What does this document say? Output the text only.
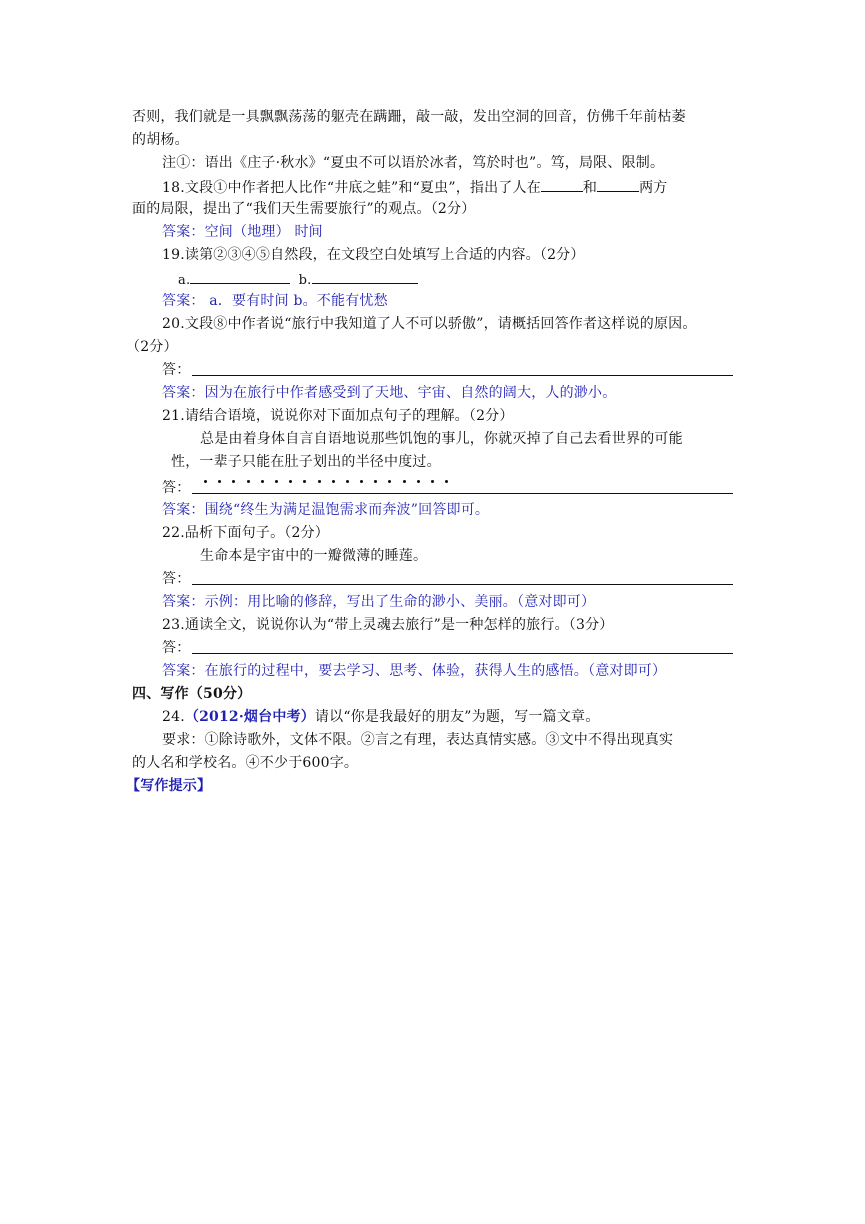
否则，我们就是一具飘飘荡荡的躯壳在蹒跚，敲一敲，发出空洞的回音，仿佛千年前枯萎
的胡杨。
注①：语出《庄子·秋水》“夏虫不可以语於冰者，笃於时也”。笃，局限、限制。
18.文段①中作者把人比作“井底之蛙”和“夏虫”，指出了人在	和	两方
面的局限，提出了“我们天生需要旅行”的观点。（2分）
答案：空间（地理） 时间
19.读第②③④⑤自然段，在文段空白处填写上合适的内容。（2分）
a.	b.
答案： a．要有时间 b。不能有忧愁
20.文段⑧中作者说“旅行中我知道了人不可以骄傲”，请概括回答作者这样说的原因。
（2分）
答：
答案：因为在旅行中作者感受到了天地、宇宙、自然的阔大，人的渺小。
21.请结合语境，说说你对下面加点句子的理解。（2分）
总是由着身体自言自语地说那些饥饱的事儿，你就灭掉了自己去看世界的可能
性，一辈子只能在肚子划出的半径中度过。
答：
答案：围绕“终生为满足温饱需求而奔波”回答即可。
22.品析下面句子。（2分）
生命本是宇宙中的一瓣微薄的睡莲。
答：
答案：示例：用比喻的修辞，写出了生命的渺小、美丽。（意对即可）
23.通读全文，说说你认为“带上灵魂去旅行”是一种怎样的旅行。（3分）
答：
答案：在旅行的过程中，要去学习、思考、体验，获得人生的感悟。（意对即可）
四、写作（50分）
24.（2012·烟台中考）请以“你是我最好的朋友”为题，写一篇文章。
要求：①除诗歌外，文体不限。②言之有理，表达真情实感。③文中不得出现真实
的人名和学校名。④不少于600字。
【写作提示】
